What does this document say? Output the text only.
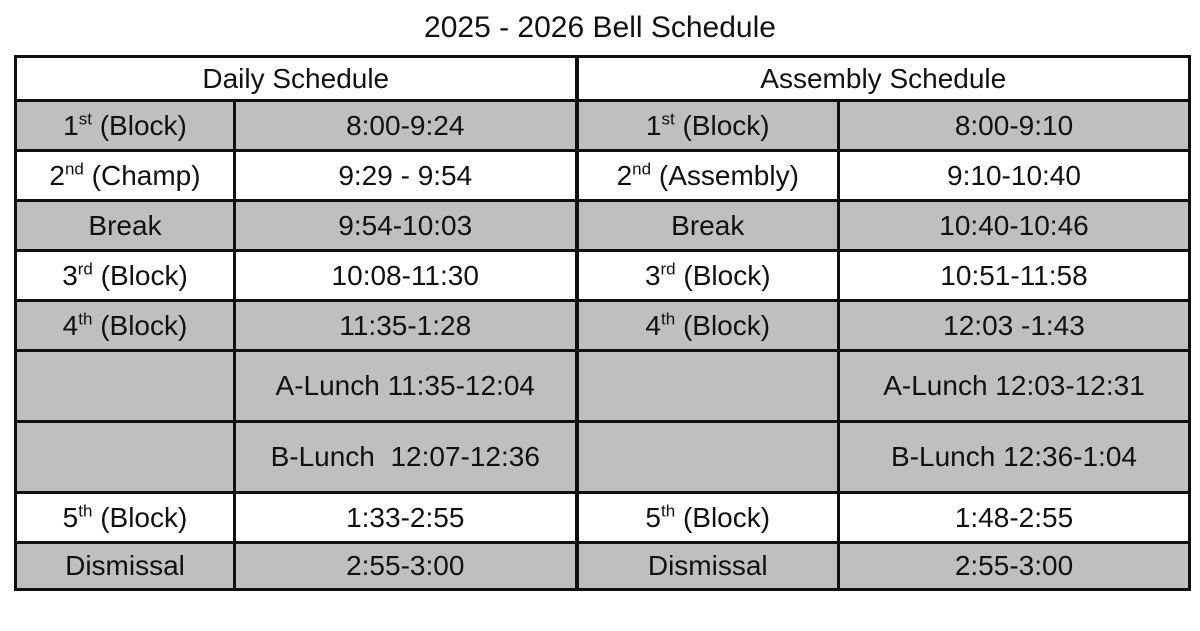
2025 - 2026 Bell Schedule
Daily Schedule		Assembly Schedule	
1st (Block)	8:00-9:24	1st (Block)	8:00-9:10
2nd (Champ)	9:29 - 9:54	2nd (Assembly)	9:10-10:40
Break	9:54-10:03	Break	10:40-10:46
3rd (Block)	10:08-11:30	3rd (Block)	10:51-11:58
4th (Block)	11:35-1:28	4th (Block)	12:03 -1:43
	A-Lunch 11:35-12:04		A-Lunch 12:03-12:31
	B-Lunch  12:07-12:36		B-Lunch 12:36-1:04
5th (Block)	1:33-2:55	5th (Block)	1:48-2:55
Dismissal	2:55-3:00	Dismissal	2:55-3:00
